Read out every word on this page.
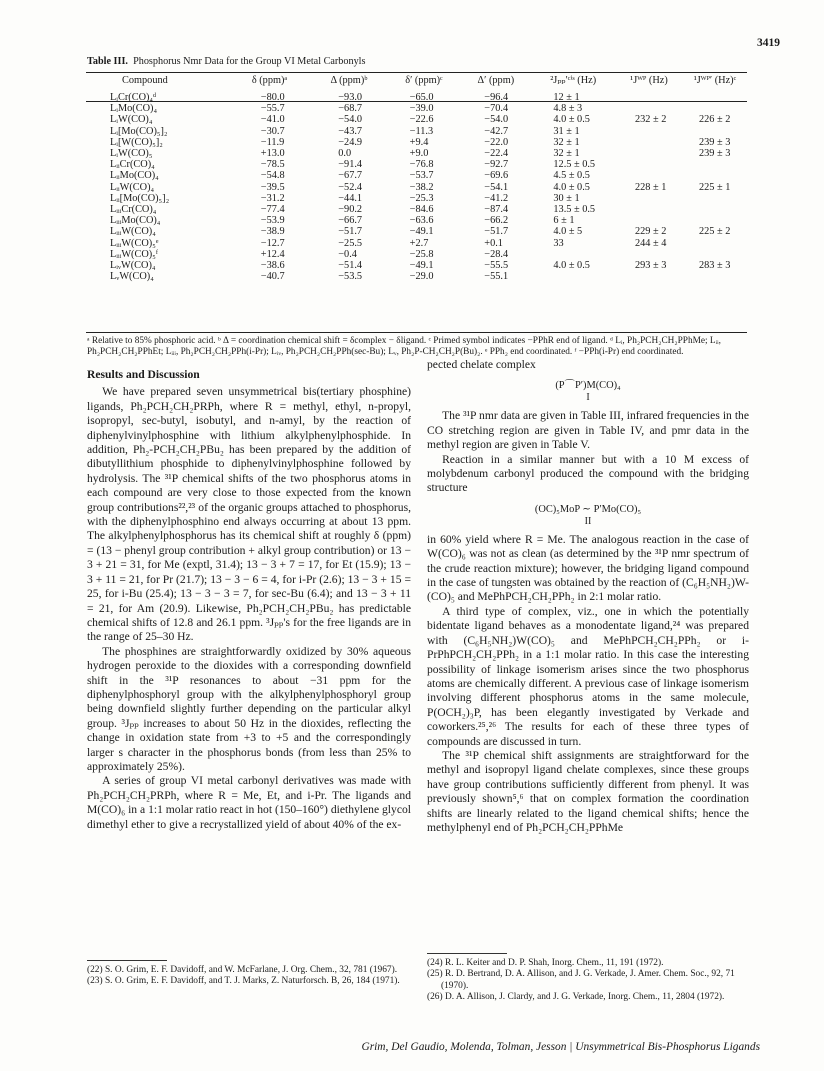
3419
Table III. Phosphorus Nmr Data for the Group VI Metal Carbonyls
Compound	δ (ppm)ᵃ	Δ (ppm)ᵇ	δ′ (ppm)ᶜ	Δ′ (ppm)	²Jₚₚ′ᶜⁱˢ (Hz)	¹Jᵂᴾ (Hz)	¹Jᵂᴾ′ (Hz)ᶜ
LᵢCr(CO)₄ᵈ	−80.0	−93.0	−65.0	−96.4	12 ± 1		
LᵢMo(CO)₄	−55.7	−68.7	−39.0	−70.4	4.8 ± 3		
LᵢW(CO)₄	−41.0	−54.0	−22.6	−54.0	4.0 ± 0.5	232 ± 2	226 ± 2
Lᵢ[Mo(CO)₅]₂	−30.7	−43.7	−11.3	−42.7	31 ± 1		
Lᵢ[W(CO)₅]₂	−11.9	−24.9	+9.4	−22.0	32 ± 1		239 ± 3
LᵢW(CO)₅	+13.0	0.0	+9.0	−22.4	32 ± 1		239 ± 3
LᵢᵢCr(CO)₄	−78.5	−91.4	−76.8	−92.7	12.5 ± 0.5		
LᵢᵢMo(CO)₄	−54.8	−67.7	−53.7	−69.6	4.5 ± 0.5		
LᵢᵢW(CO)₄	−39.5	−52.4	−38.2	−54.1	4.0 ± 0.5	228 ± 1	225 ± 1
Lᵢᵢ[Mo(CO)₅]₂	−31.2	−44.1	−25.3	−41.2	30 ± 1		
LᵢᵢᵢCr(CO)₄	−77.4	−90.2	−84.6	−87.4	13.5 ± 0.5		
LᵢᵢᵢMo(CO)₄	−53.9	−66.7	−63.6	−66.2	6 ± 1		
LᵢᵢᵢW(CO)₄	−38.9	−51.7	−49.1	−51.7	4.0 ± 5	229 ± 2	225 ± 2
LᵢᵢᵢW(CO)₅ᵉ	−12.7	−25.5	+2.7	+0.1	33	244 ± 4	
LᵢᵢᵢW(CO)₅ᶠ	+12.4	−0.4	−25.8	−28.4			
LᵢᵥW(CO)₄	−38.6	−51.4	−49.1	−55.5	4.0 ± 0.5	293 ± 3	283 ± 3
LᵥW(CO)₄	−40.7	−53.5	−29.0	−55.1			
ᵃ Relative to 85% phosphoric acid. ᵇ Δ = coordination chemical shift = δcomplex − δligand. ᶜ Primed symbol indicates −PPhR end of ligand. ᵈ Lᵢ, Ph₂PCH₂CH₂PPhMe; Lᵢᵢ, Ph₂PCH₂CH₂PPhEt; Lᵢᵢᵢ, Ph₂PCH₂CH₂PPh(i-Pr); Lᵢᵥ, Ph₂PCH₂CH₂PPh(sec-Bu); Lᵥ, Ph₂P-CH₂CH₂P(Bu)₂. ᵉ PPh₂ end coordinated. ᶠ −PPh(i-Pr) end coordinated.

Results and Discussion

We have prepared seven unsymmetrical bis(tertiary phosphine) ligands, Ph₂PCH₂CH₂PRPh, where R = methyl, ethyl, n-propyl, isopropyl, sec-butyl, isobutyl, and n-amyl, by the reaction of diphenylvinylphosphine with lithium alkylphenylphosphide. In addition, Ph₂-PCH₂CH₂PBu₂ has been prepared by the addition of dibutyllithium phosphide to diphenylvinylphosphine followed by hydrolysis. The ³¹P chemical shifts of the two phosphorus atoms in each compound are very close to those expected from the known group contributions²²,²³ of the organic groups attached to phosphorus, with the diphenylphosphino end always occurring at about 13 ppm. The alkylphenylphosphorus has its chemical shift at roughly δ (ppm) = (13 − phenyl group contribution + alkyl group contribution) or 13 − 3 + 21 = 31, for Me (exptl, 31.4); 13 − 3 + 7 = 17, for Et (15.9); 13 − 3 + 11 = 21, for Pr (21.7); 13 − 3 − 6 = 4, for i-Pr (2.6); 13 − 3 + 15 = 25, for i-Bu (25.4); 13 − 3 − 3 = 7, for sec-Bu (6.4); and 13 − 3 + 11 = 21, for Am (20.9). Likewise, Ph₂PCH₂CH₂PBu₂ has predictable chemical shifts of 12.8 and 26.1 ppm. ³Jₚₚ's for the free ligands are in the range of 25–30 Hz.

The phosphines are straightforwardly oxidized by 30% aqueous hydrogen peroxide to the dioxides with a corresponding downfield shift in the ³¹P resonances to about −31 ppm for the diphenylphosphoryl group with the alkylphenylphosphoryl group being downfield slightly further depending on the particular alkyl group. ³Jₚₚ increases to about 50 Hz in the dioxides, reflecting the change in oxidation state from +3 to +5 and the correspondingly larger s character in the phosphorus bonds (from less than 25% to approximately 25%).

A series of group VI metal carbonyl derivatives was made with Ph₂PCH₂CH₂PRPh, where R = Me, Et, and i-Pr. The ligands and M(CO)₆ in a 1:1 molar ratio react in hot (150–160°) diethylene glycol dimethyl ether to give a recrystallized yield of about 40% of the ex-

(22) S. O. Grim, E. F. Davidoff, and W. McFarlane, J. Org. Chem., 32, 781 (1967).

(23) S. O. Grim, E. F. Davidoff, and T. J. Marks, Z. Naturforsch. B, 26, 184 (1971).

pected chelate complex

(P⌒P′)M(CO)₄
I

The ³¹P nmr data are given in Table III, infrared frequencies in the CO stretching region are given in Table IV, and pmr data in the methyl region are given in Table V.

Reaction in a similar manner but with a 10 M excess of molybdenum carbonyl produced the compound with the bridging structure

(OC)₅MoP ∼ P′Mo(CO)₅
II

in 60% yield where R = Me. The analogous reaction in the case of W(CO)₆ was not as clean (as determined by the ³¹P nmr spectrum of the crude reaction mixture); however, the bridging ligand compound in the case of tungsten was obtained by the reaction of (C₆H₅NH₂)W-(CO)₅ and MePhPCH₂CH₂PPh₂ in 2:1 molar ratio.

A third type of complex, viz., one in which the potentially bidentate ligand behaves as a monodentate ligand,²⁴ was prepared with (C₆H₅NH₂)W(CO)₅ and MePhPCH₂CH₂PPh₂ or i-PrPhPCH₂CH₂PPh₂ in a 1:1 molar ratio. In this case the interesting possibility of linkage isomerism arises since the two phosphorus atoms are chemically different. A previous case of linkage isomerism involving different phosphorus atoms in the same molecule, P(OCH₂)₃P, has been elegantly investigated by Verkade and coworkers.²⁵,²⁶ The results for each of these three types of compounds are discussed in turn.

The ³¹P chemical shift assignments are straightforward for the methyl and isopropyl ligand chelate complexes, since these groups have group contributions sufficiently different from phenyl. It was previously shown⁵,⁶ that on complex formation the coordination shifts are linearly related to the ligand chemical shifts; hence the methylphenyl end of Ph₂PCH₂CH₂PPhMe

(24) R. L. Keiter and D. P. Shah, Inorg. Chem., 11, 191 (1972).

(25) R. D. Bertrand, D. A. Allison, and J. G. Verkade, J. Amer. Chem. Soc., 92, 71 (1970).

(26) D. A. Allison, J. Clardy, and J. G. Verkade, Inorg. Chem., 11, 2804 (1972).

Grim, Del Gaudio, Molenda, Tolman, Jesson | Unsymmetrical Bis-Phosphorus Ligands
